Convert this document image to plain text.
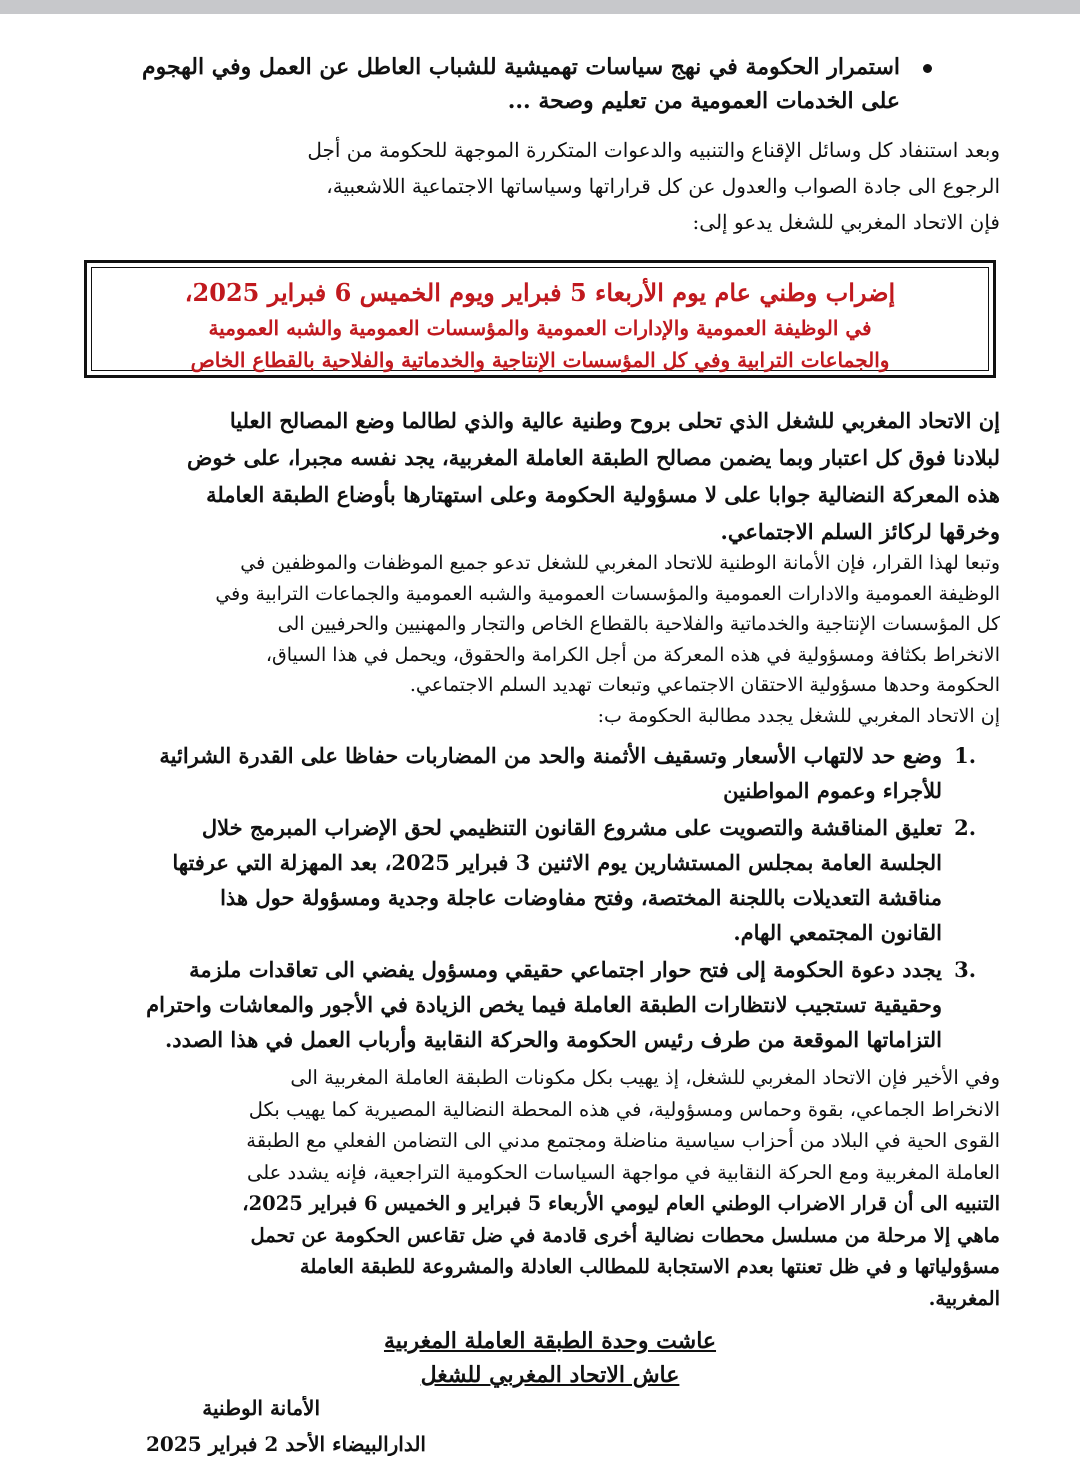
استمرار الحكومة في نهج سياسات تهميشية للشباب العاطل عن العمل وفي الهجوم
على الخدمات العمومية من تعليم وصحة ...
وبعد استنفاد كل وسائل الإقناع والتنبيه والدعوات المتكررة الموجهة للحكومة من أجل
الرجوع الى جادة الصواب والعدول عن كل قراراتها وسياساتها الاجتماعية اللاشعبية،
فإن الاتحاد المغربي للشغل يدعو إلى:
إضراب وطني عام يوم الأربعاء 5 فبراير ويوم الخميس 6 فبراير 2025،
في الوظيفة العمومية والإدارات العمومية والمؤسسات العمومية والشبه العمومية
والجماعات الترابية وفي كل المؤسسات الإنتاجية والخدماتية والفلاحية بالقطاع الخاص
إن الاتحاد المغربي للشغل الذي تحلى بروح وطنية عالية والذي لطالما وضع المصالح العليا
لبلادنا فوق كل اعتبار وبما يضمن مصالح الطبقة العاملة المغربية، يجد نفسه مجبرا، على خوض
هذه المعركة النضالية جوابا على لا مسؤولية الحكومة وعلى استهتارها بأوضاع الطبقة العاملة
وخرقها لركائز السلم الاجتماعي.
وتبعا لهذا القرار، فإن الأمانة الوطنية للاتحاد المغربي للشغل تدعو جميع الموظفات والموظفين في
الوظيفة العمومية والادارات العمومية والمؤسسات العمومية والشبه العمومية والجماعات الترابية وفي
كل المؤسسات الإنتاجية والخدماتية والفلاحية بالقطاع الخاص والتجار والمهنيين والحرفيين الى
الانخراط بكثافة ومسؤولية في هذه المعركة من أجل الكرامة والحقوق، ويحمل في هذا السياق،
الحكومة وحدها مسؤولية الاحتقان الاجتماعي وتبعات تهديد السلم الاجتماعي.
إن الاتحاد المغربي للشغل يجدد مطالبة الحكومة ب:
.1
وضع حد لالتهاب الأسعار وتسقيف الأثمنة والحد من المضاربات حفاظا على القدرة الشرائية
للأجراء وعموم المواطنين
.2
تعليق المناقشة والتصويت على مشروع القانون التنظيمي لحق الإضراب المبرمج خلال
الجلسة العامة بمجلس المستشارين يوم الاثنين 3 فبراير 2025، بعد المهزلة التي عرفتها
مناقشة التعديلات باللجنة المختصة، وفتح مفاوضات عاجلة وجدية ومسؤولة حول هذا
القانون المجتمعي الهام.
.3
يجدد دعوة الحكومة إلى فتح حوار اجتماعي حقيقي ومسؤول يفضي الى تعاقدات ملزمة
وحقيقية تستجيب لانتظارات الطبقة العاملة فيما يخص الزيادة في الأجور والمعاشات واحترام
التزاماتها الموقعة من طرف رئيس الحكومة والحركة النقابية وأرباب العمل في هذا الصدد.
وفي الأخير فإن الاتحاد المغربي للشغل، إذ يهيب بكل مكونات الطبقة العاملة المغربية الى
الانخراط الجماعي، بقوة وحماس ومسؤولية، في هذه المحطة النضالية المصيرية كما يهيب بكل
القوى الحية في البلاد من أحزاب سياسية مناضلة ومجتمع مدني الى التضامن الفعلي مع الطبقة
العاملة المغربية ومع الحركة النقابية في مواجهة السياسات الحكومية التراجعية، فإنه يشدد على
التنبيه الى أن قرار الاضراب الوطني العام ليومي الأربعاء 5 فبراير و الخميس 6 فبراير 2025،
ماهي إلا مرحلة من مسلسل محطات نضالية أخرى قادمة في ضل تقاعس الحكومة عن تحمل
مسؤولياتها و في ظل تعنتها بعدم الاستجابة للمطالب العادلة والمشروعة للطبقة العاملة
المغربية.
عاشت وحدة الطبقة العاملة المغربية
عاش الاتحاد المغربي للشغل
الأمانة الوطنية
الدارالبيضاء الأحد 2 فبراير 2025
